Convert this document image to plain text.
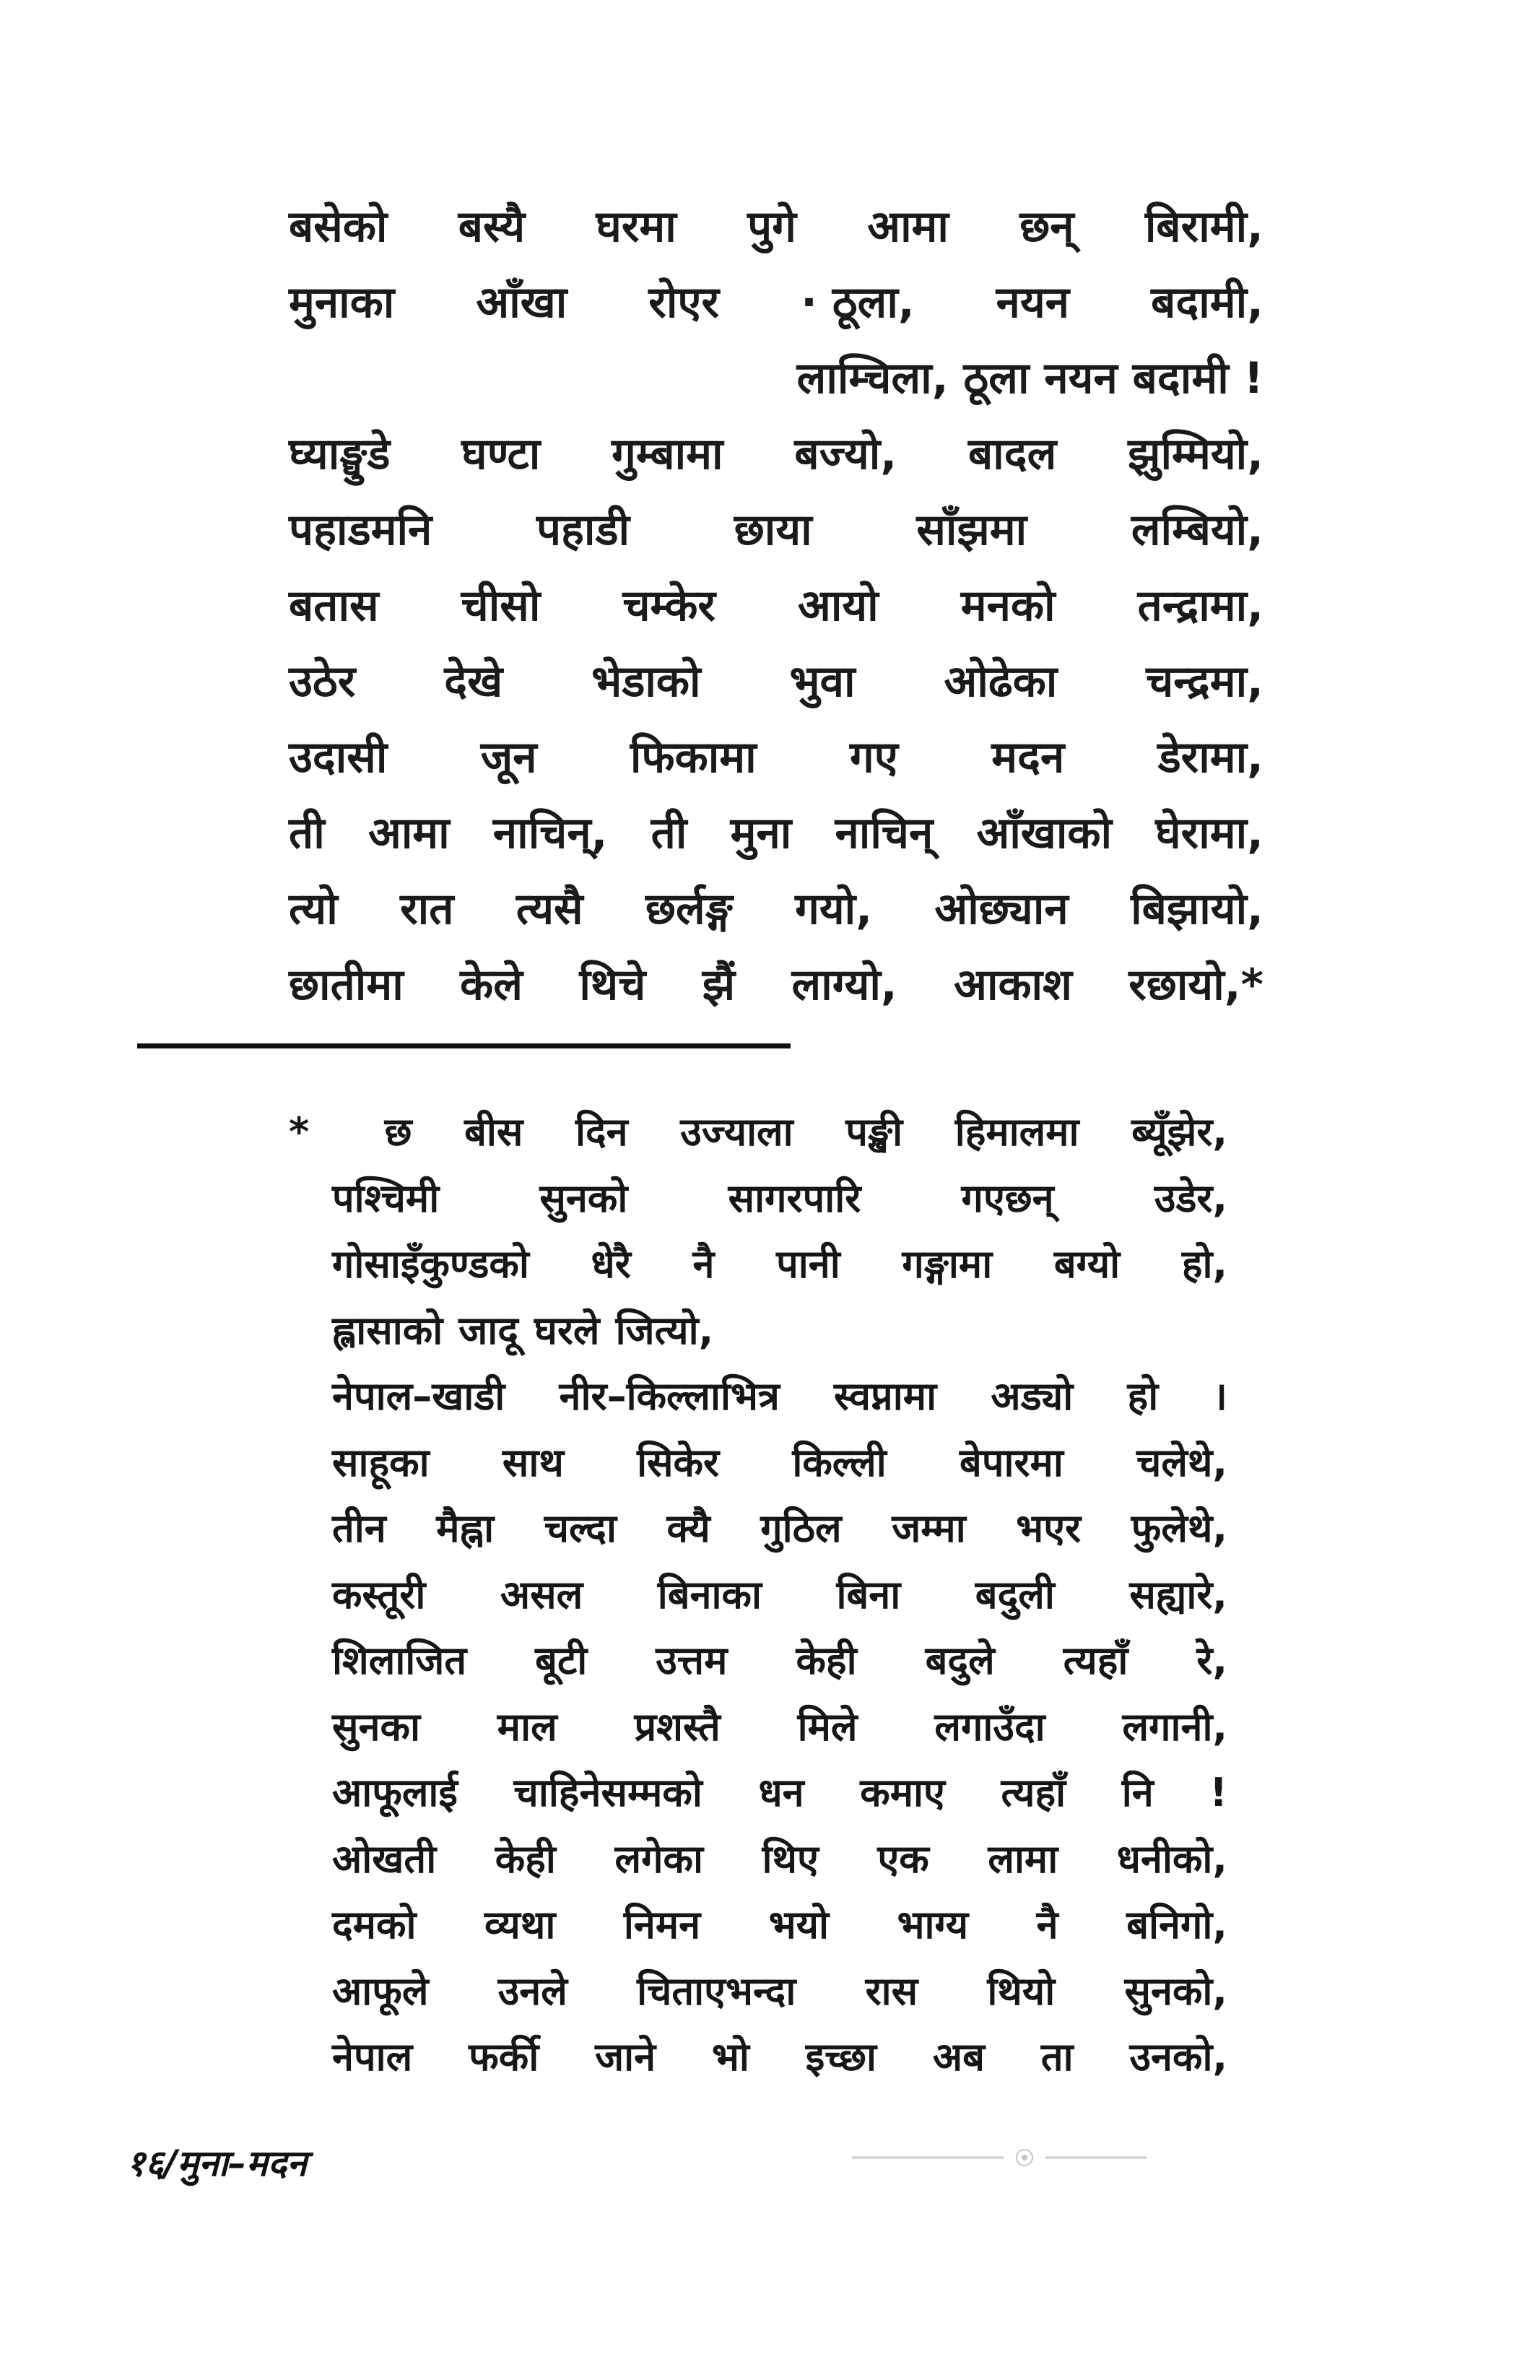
बसेको बस्यै घरमा पुगे आमा छन् बिरामी,
मुनाका आँखा रोएर · ठूला, नयन बदामी,
लाम्चिला, ठूला नयन बदामी !
घ्याङ्घुडे घण्टा गुम्बामा बज्यो, बादल झुम्मियो,
पहाडमनि पहाडी छाया साँझमा लम्बियो,
बतास चीसो चम्केर आयो मनको तन्द्रामा,
उठेर देखे भेडाको भुवा ओढेका चन्द्रमा,
उदासी जून फिकामा गए मदन डेरामा,
ती आमा नाचिन्, ती मुना नाचिन् आँखाको घेरामा,
त्यो रात त्यसै छर्लङ्ग गयो, ओछ्यान बिझायो,
छातीमा केले थिचे झैं लाग्यो, आकाश रछायो,*
*	छ बीस दिन उज्याला पङ्खी हिमालमा ब्यूँझेर,
पश्चिमी	सुनको	सागरपारि	गएछन्	उडेर,
गोसाइँकुण्डको धेरै नै पानी गङ्गामा बग्यो हो,
ह्लासाको जादू घरले जित्यो,
नेपाल–खाडी नीर–किल्लाभित्र स्वप्नामा अड्यो हो ।
साहूका साथ सिकेर किल्ली बेपारमा चलेथे,
तीन मैह्ना चल्दा क्यै गुठिल जम्मा भएर फुलेथे,
कस्तूरी असल बिनाका बिना बदुली सह्यारे,
शिलाजित बूटी उत्तम केही बदुले त्यहाँ रे,
सुनका माल प्रशस्तै मिले लगाउँदा लगानी,
आफूलाई चाहिनेसम्मको धन कमाए त्यहाँ नि !
ओखती केही लगेका थिए एक लामा धनीको,
दमको व्यथा निमन भयो भाग्य नै बनिगो,
आफूले उनले चिताएभन्दा रास थियो सुनको,
नेपाल फर्की जाने भो इच्छा अब ता उनको,
१६/मुना–मदन
